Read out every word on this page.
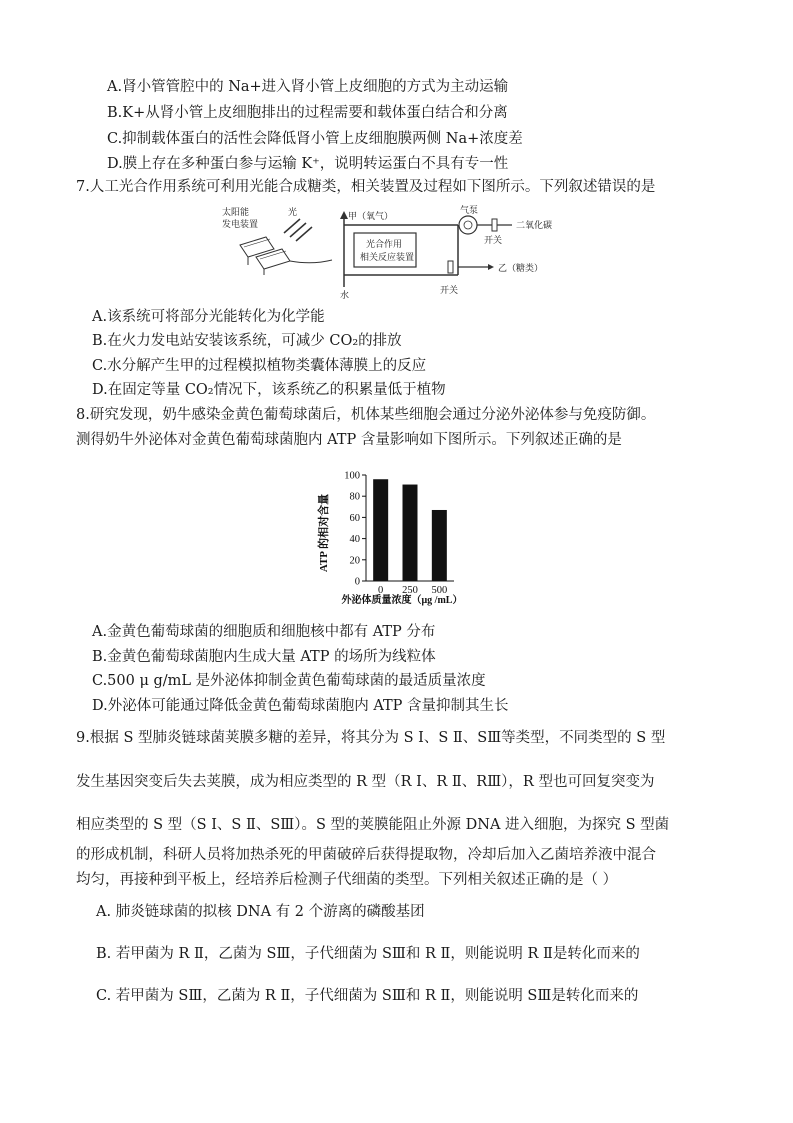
A.肾小管管腔中的 Na+进入肾小管上皮细胞的方式为主动运输
B.K+从肾小管上皮细胞排出的过程需要和载体蛋白结合和分离
C.抑制载体蛋白的活性会降低肾小管上皮细胞膜两侧 Na+浓度差
D.膜上存在多种蛋白参与运输 K⁺，说明转运蛋白不具有专一性
7.人工光合作用系统可利用光能合成糖类，相关装置及过程如下图所示。下列叙述错误的是
太阳能
发电装置
光
光合作用
相关反应装置
甲（氧气）
气泵
二氧化碳
开关
乙（糖类）
水	开关
A.该系统可将部分光能转化为化学能
B.在火力发电站安装该系统，可减少 CO₂的排放
C.水分解产生甲的过程模拟植物类囊体薄膜上的反应
D.在固定等量 CO₂情况下，该系统乙的积累量低于植物
8.研究发现，奶牛感染金黄色葡萄球菌后，机体某些细胞会通过分泌外泌体参与免疫防御。
测得奶牛外泌体对金黄色葡萄球菌胞内 ATP 含量影响如下图所示。下列叙述正确的是
0
20
40
60
80
100
0 250 500
ATP 的相对含量
外泌体质量浓度（μg /mL）
A.金黄色葡萄球菌的细胞质和细胞核中都有 ATP 分布
B.金黄色葡萄球菌胞内生成大量 ATP 的场所为线粒体
C.500 μ g/mL 是外泌体抑制金黄色葡萄球菌的最适质量浓度
D.外泌体可能通过降低金黄色葡萄球菌胞内 ATP 含量抑制其生长
9.根据 S 型肺炎链球菌荚膜多糖的差异，将其分为 S Ⅰ、S Ⅱ、SⅢ等类型，不同类型的 S 型
发生基因突变后失去荚膜，成为相应类型的 R 型（R Ⅰ、R Ⅱ、RⅢ），R 型也可回复突变为
相应类型的 S 型（S Ⅰ、S Ⅱ、SⅢ）。S 型的荚膜能阻止外源 DNA 进入细胞，为探究 S 型菌
的形成机制，科研人员将加热杀死的甲菌破碎后获得提取物，冷却后加入乙菌培养液中混合
均匀，再接种到平板上，经培养后检测子代细菌的类型。下列相关叙述正确的是（ ）
A. 肺炎链球菌的拟核 DNA 有 2 个游离的磷酸基团
B. 若甲菌为 R Ⅱ，乙菌为 SⅢ，子代细菌为 SⅢ和 R Ⅱ，则能说明 R Ⅱ是转化而来的
C. 若甲菌为 SⅢ，乙菌为 R Ⅱ，子代细菌为 SⅢ和 R Ⅱ，则能说明 SⅢ是转化而来的
